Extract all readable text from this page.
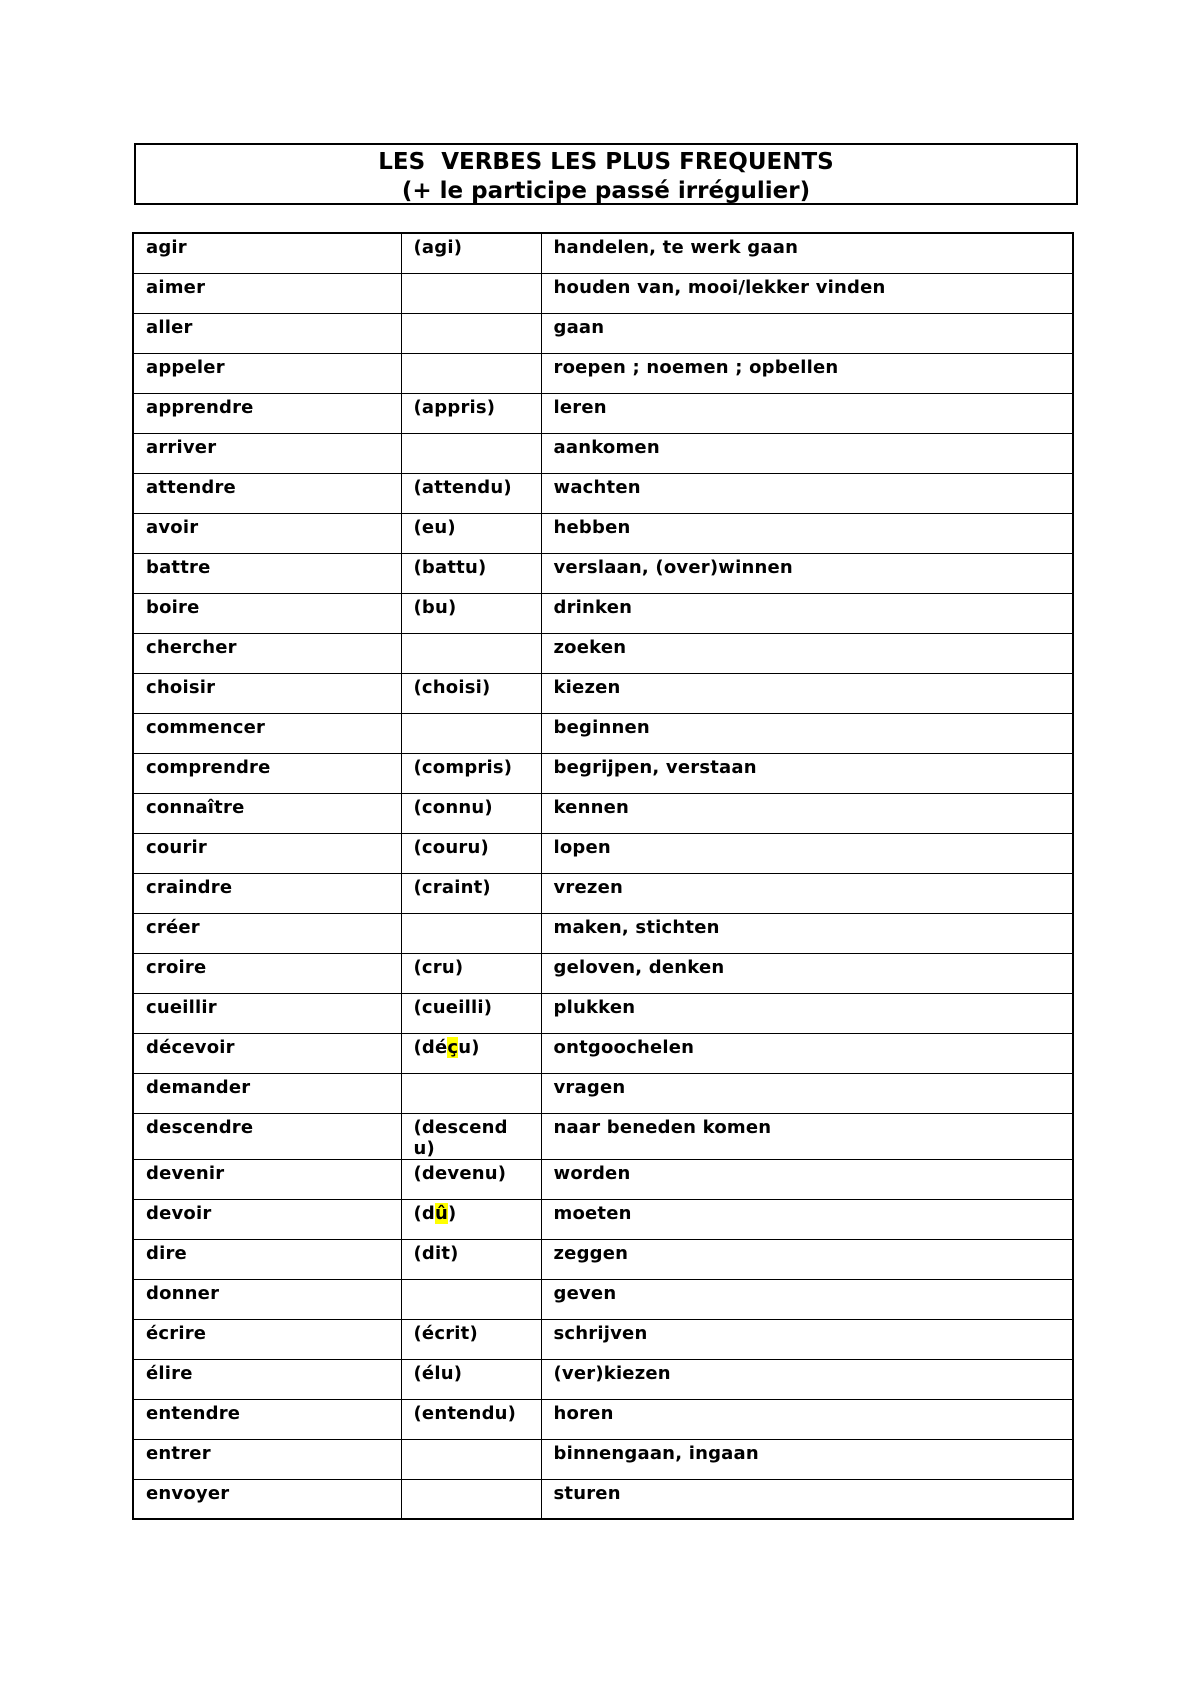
LES  VERBES LES PLUS FREQUENTS
(+ le participe passé irrégulier)
agir	(agi)	handelen, te werk gaan
aimer		houden van, mooi/lekker vinden
aller		gaan
appeler		roepen ; noemen ; opbellen
apprendre	(appris)	leren
arriver		aankomen
attendre	(attendu)	wachten
avoir	(eu)	hebben
battre	(battu)	verslaan, (over)winnen
boire	(bu)	drinken
chercher		zoeken
choisir	(choisi)	kiezen
commencer		beginnen
comprendre	(compris)	begrijpen, verstaan
connaître	(connu)	kennen
courir	(couru)	lopen
craindre	(craint)	vrezen
créer		maken, stichten
croire	(cru)	geloven, denken
cueillir	(cueilli)	plukken
décevoir	(déçu)	ontgoochelen
demander		vragen
descendre	(descendu)	naar beneden komen
devenir	(devenu)	worden
devoir	(dû)	moeten
dire	(dit)	zeggen
donner		geven
écrire	(écrit)	schrijven
élire	(élu)	(ver)kiezen
entendre	(entendu)	horen
entrer		binnengaan, ingaan
envoyer		sturen
